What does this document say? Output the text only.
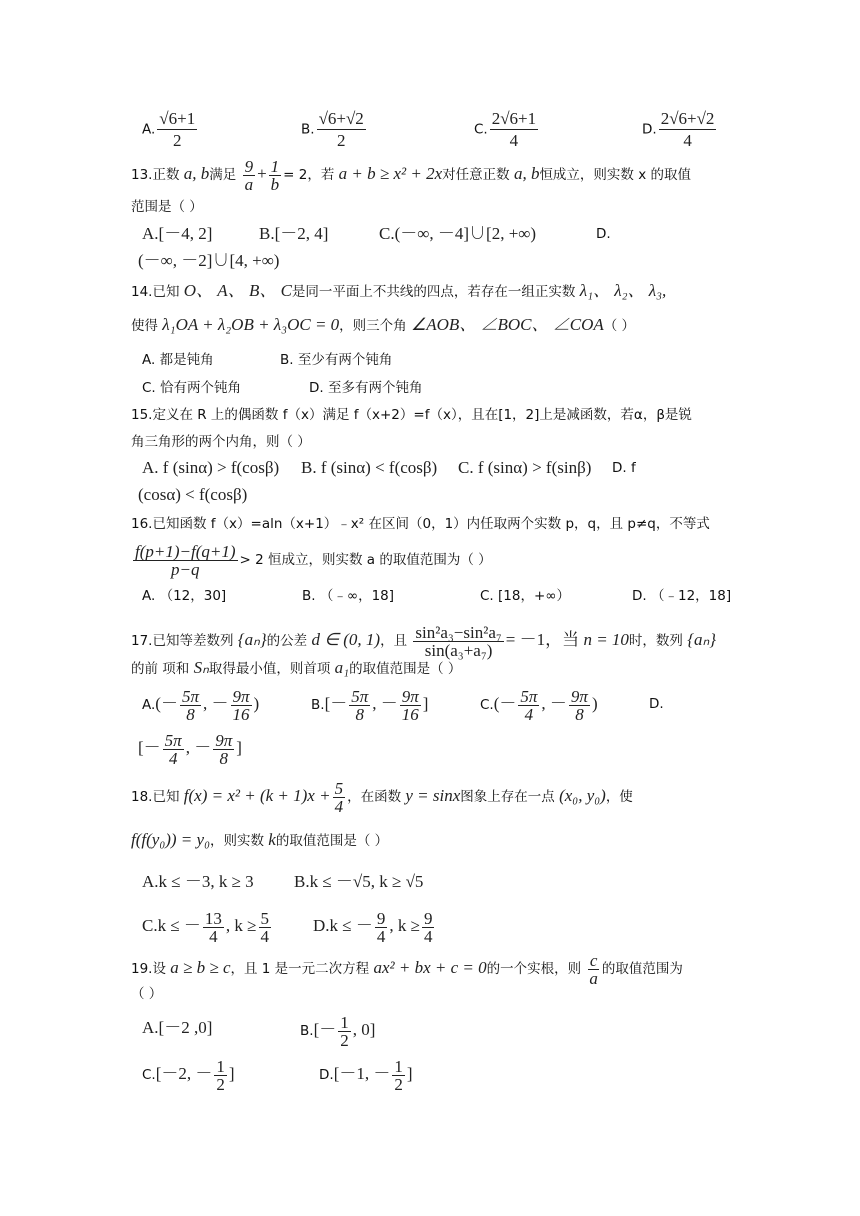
A. $\frac{√6+1}{2}$	B. $\frac{√6+√2}{2}$	C. $\frac{2√6+1}{4}$	D. $\frac{2√6+√2}{4}$
13.正数 a, b满足 $\frac{9}{a} + \frac{1}{b} = 2$，若 a + b ≥ x² + 2x对任意正数 a, b恒成立，则实数 x 的取值
范围是（ ）
A.[－4, 2]	B.[－2, 4]	C.(－∞, －4]∪[2, +∞)	D.
(－∞, －2]∪[4, +∞)
14.已知 O、 A、 B、 C是同一平面上不共线的四点，若存在一组正实数 λ₁、 λ₂、 λ₃,
使得 λ₁OA + λ₂OB + λ₃OC = 0，则三个角 ∠AOB、 ∠BOC、 ∠COA（ ）
A. 都是钝角	B. 至少有两个钝角
C. 恰有两个钝角	D. 至多有两个钝角
15.定义在 R 上的偶函数 f（x）满足 f（x+2）=f（x），且在[1，2]上是减函数，若α，β是锐
角三角形的两个内角，则（ ）
A. f (sinα) > f(cosβ) B. f (sinα) < f(cosβ) C. f (sinα) > f(sinβ) D. f
(cosα) < f(cosβ)
16.已知函数 f（x）=aln（x+1）﹣x² 在区间（0，1）内任取两个实数 p，q，且 p≠q，不等式
$\frac{f(p+1)-f(q+1)}{p-q} > 2$ 恒成立，则实数 a 的取值范围为（ ）
A. （12，30]	B. （﹣∞，18]	C. [18，+∞）	D. （﹣12，18]
17.已知等差数列 {aₙ}的公差 d ∈ (0, 1)，且 $\frac{\text{sin²a₃−sin²a₇}}{\text{sin(a₃+a₇)}} = -1$，当 n = 10时，数列 {aₙ}
的前 项和 Sₙ取得最小值，则首项 a₁的取值范围是（ ）
$A.(- \frac{5\pi}{8}$ , － $\frac{9\pi}{16}$ )	$B.[- \frac{5\pi}{8}$ , － $\frac{9\pi}{16}$ ]	$C.(- \frac{5\pi}{4}$ , － $\frac{9\pi}{8}$ )	D.
[－ $\frac{5\pi}{4}$ , － $\frac{9\pi}{8}$ ]
18.已知 $f(x) = x^2 + (k + 1)x + \frac{5}{4}$ ，在函数 y = sinx图象上存在一点 (x₀, y₀)，使
f(f(y₀)) = y₀，则实数 k的取值范围是（ ）
A.k ≤ －3, k ≥ 3 B.k ≤ －√5, k ≥ √5
C.k ≤ － $\frac{13}{4}$ , $k \ge \frac{5}{4} D.k$ ≤ － $\frac{9}{4}$ , $k \ge \frac{9}{4}$
19.设 a ≥ b ≥ c，且 1 是一元二次方程 ax² + bx + c = 0的一个实根，则 $\frac{c}{a}$ 的取值范围为
（ ）
A.[－2 ,0]	$B.[- \frac{1}{2}$ , 0]
C.[－2, － $\frac{1}{2}$ ]	D.[－1, － $\frac{1}{2}$ ]
